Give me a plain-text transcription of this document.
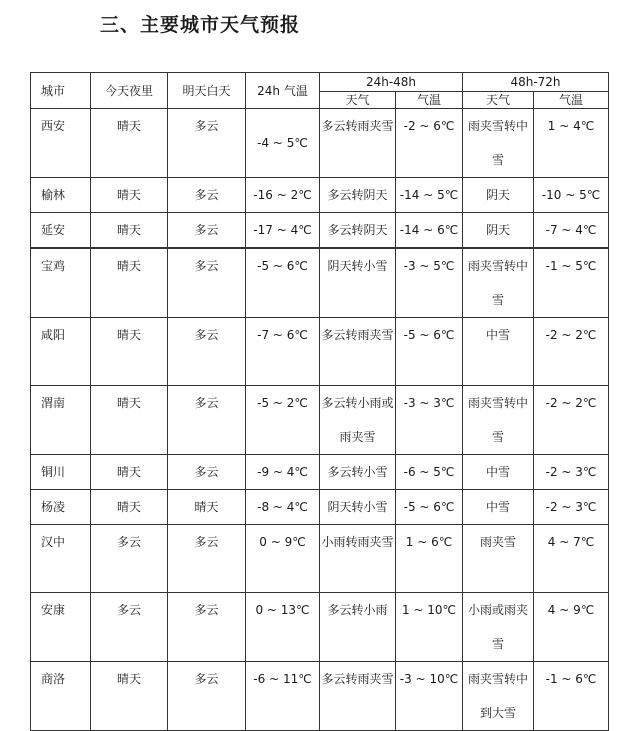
三、主要城市天气预报
城市	今天夜里	明天白天	24h 气温	24h-48h		48h-72h	
				天气	气温	天气	气温
西安	晴天	多云	-4 ~ 5℃	多云转雨夹雪	-2 ~ 6℃	雨夹雪转中雪	1 ~ 4℃
榆林	晴天	多云	-16 ~ 2℃	多云转阴天	-14 ~ 5℃	阴天	-10 ~ 5℃
延安	晴天	多云	-17 ~ 4℃	多云转阴天	-14 ~ 6℃	阴天	-7 ~ 4℃
宝鸡	晴天	多云	-5 ~ 6℃	阴天转小雪	-3 ~ 5℃	雨夹雪转中雪	-1 ~ 5℃
咸阳	晴天	多云	-7 ~ 6℃	多云转雨夹雪	-5 ~ 6℃	中雪	-2 ~ 2℃
渭南	晴天	多云	-5 ~ 2℃	多云转小雨或雨夹雪	-3 ~ 3℃	雨夹雪转中雪	-2 ~ 2℃
铜川	晴天	多云	-9 ~ 4℃	多云转小雪	-6 ~ 5℃	中雪	-2 ~ 3℃
杨凌	晴天	晴天	-8 ~ 4℃	阴天转小雪	-5 ~ 6℃	中雪	-2 ~ 3℃
汉中	多云	多云	0 ~ 9℃	小雨转雨夹雪	1 ~ 6℃	雨夹雪	4 ~ 7℃
安康	多云	多云	0 ~ 13℃	多云转小雨	1 ~ 10℃	小雨或雨夹雪	4 ~ 9℃
商洛	晴天	多云	-6 ~ 11℃	多云转雨夹雪	-3 ~ 10℃	雨夹雪转中到大雪	-1 ~ 6℃
